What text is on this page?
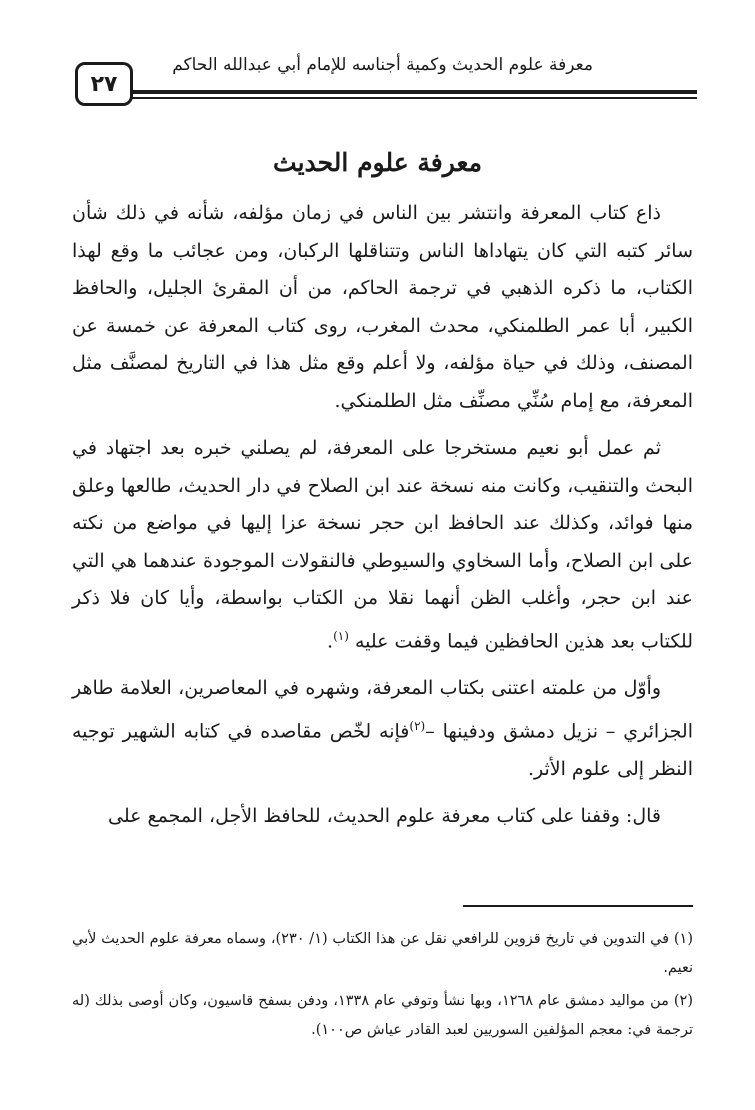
معرفة علوم الحديث وكمية أجناسه للإمام أبي عبدالله الحاكم
٢٧
معرفة علوم الحديث

ذاع كتاب المعرفة وانتشر بين الناس في زمان مؤلفه، شأنه في ذلك شأن سائر كتبه التي كان يتهاداها الناس وتتناقلها الركبان، ومن عجائب ما وقع لهذا الكتاب، ما ذكره الذهبي في ترجمة الحاكم، من أن المقرئ الجليل، والحافظ الكبير، أبا عمر الطلمنكي، محدث المغرب، روى كتاب المعرفة عن خمسة عن المصنف، وذلك في حياة مؤلفه، ولا أعلم وقع مثل هذا في التاريخ لمصنَّف مثل المعرفة، مع إمام سُنِّي مصنِّف مثل الطلمنكي.

ثم عمل أبو نعيم مستخرجا على المعرفة، لم يصلني خبره بعد اجتهاد في البحث والتنقيب، وكانت منه نسخة عند ابن الصلاح في دار الحديث، طالعها وعلق منها فوائد، وكذلك عند الحافظ ابن حجر نسخة عزا إليها في مواضع من نكته على ابن الصلاح، وأما السخاوي والسيوطي فالنقولات الموجودة عندهما هي التي عند ابن حجر، وأغلب الظن أنهما نقلا من الكتاب بواسطة، وأيا كان فلا ذكر للكتاب بعد هذين الحافظين فيما وقفت عليه $^{(١)}$.

وأوّل من علمته اعتنى بكتاب المعرفة، وشهره في المعاصرين، العلامة طاهر الجزائري – نزيل دمشق ودفينها –$^{(٢)}$فإنه لخّص مقاصده في كتابه الشهير توجيه النظر إلى علوم الأثر.

قال: وقفنا على كتاب معرفة علوم الحديث، للحافظ الأجل، المجمع على

(١) في التدوين في تاريخ قزوين للرافعي نقل عن هذا الكتاب (١/ ٢٣٠)، وسماه معرفة علوم الحديث لأبي نعيم.

(٢) من مواليد دمشق عام ١٢٦٨، وبها نشأ وتوفي عام ١٣٣٨، ودفن بسفح قاسيون، وكان أوصى بذلك (له ترجمة في: معجم المؤلفين السوريين لعبد القادر عياش ص١٠٠).
